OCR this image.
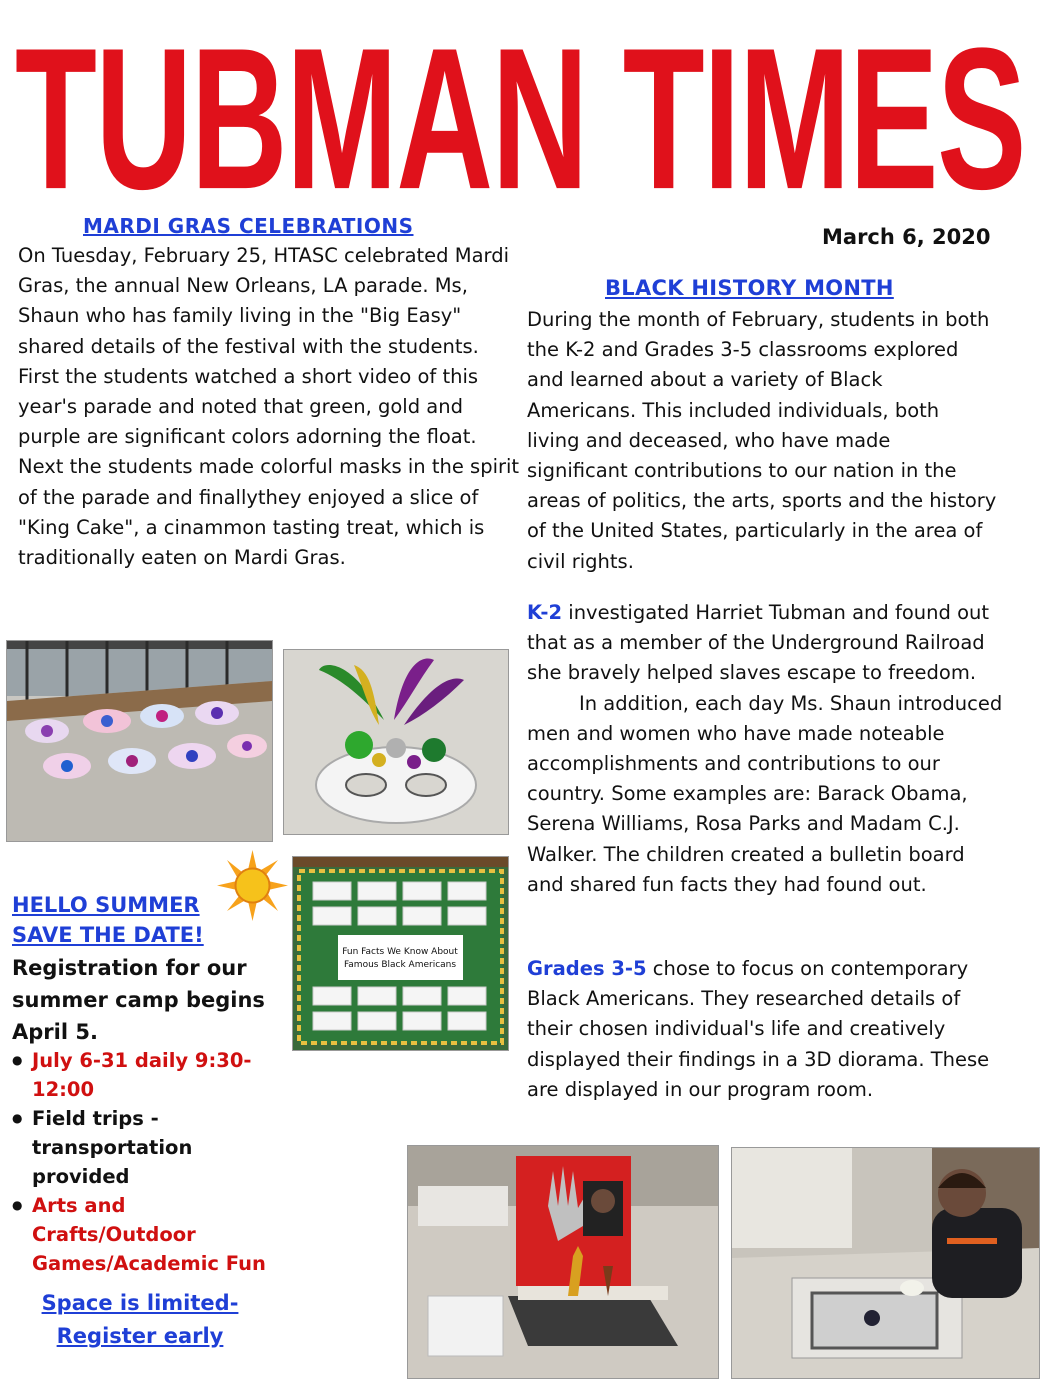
TUBMAN TIMES
MARDI GRAS CELEBRATIONS
On Tuesday, February 25, HTASC celebrated Mardi Gras, the annual New Orleans, LA parade. Ms, Shaun who has family living in the "Big Easy" shared details of the festival with the students.
First the students watched a short video of this year's parade and noted that green, gold and purple are significant colors adorning the float. Next the students made colorful masks in the spirit of the parade and finallythey enjoyed a slice of "King Cake", a cinammon tasting treat, which is traditionally eaten on Mardi Gras.
March 6, 2020
BLACK HISTORY MONTH
During the month of February, students in both the K-2 and Grades 3-5 classrooms explored and learned about a variety of Black Americans. This included individuals, both living and deceased, who have made significant contributions to our nation in the areas of politics, the arts, sports and the history of the United States, particularly in the area of civil rights.
K-2 investigated Harriet Tubman and found out that as a member of the Underground Railroad she bravely helped slaves escape to freedom.
In addition, each day Ms. Shaun introduced men and women who have made noteable accomplishments and contributions to our country. Some examples are: Barack Obama, Serena Williams, Rosa Parks and Madam C.J. Walker. The children created a bulletin board and shared fun facts they had found out.
Grades 3-5 chose to focus on contemporary Black Americans. They researched details of their chosen individual's life and creatively displayed their findings in a 3D diorama. These are displayed in our program room.
Fun Facts We Know About
Famous Black Americans
HELLO SUMMER
SAVE THE DATE!
Registration for our summer camp begins April 5.
● July 6-31 daily 9:30-12:00
● Field trips - transportation provided
● Arts and Crafts/Outdoor Games/Academic Fun
Space is limited-
Register early
